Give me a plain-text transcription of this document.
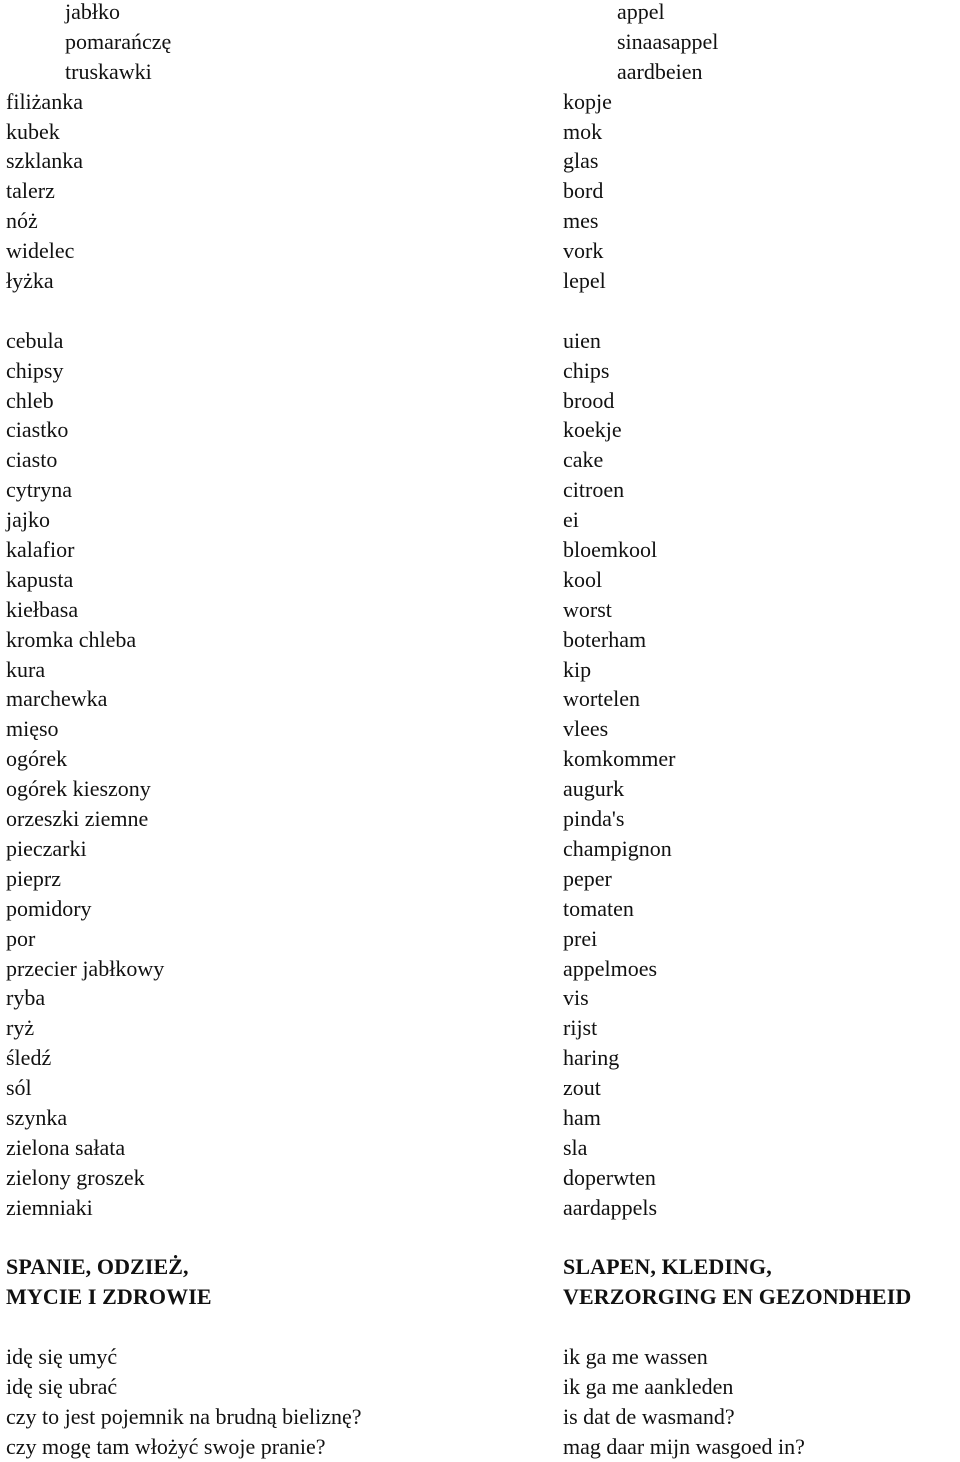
jabłko
pomarańczę
truskawki
filiżanka
kubek
szklanka
talerz
nóż
widelec
łyżka
cebula
chipsy
chleb
ciastko
ciasto
cytryna
jajko
kalafior
kapusta
kiełbasa
kromka chleba
kura
marchewka
mięso
ogórek
ogórek kieszony
orzeszki ziemne
pieczarki
pieprz
pomidory
por
przecier jabłkowy
ryba
ryż
śledź
sól
szynka
zielona sałata
zielony groszek
ziemniaki
SPANIE, ODZIEŻ,
MYCIE I ZDROWIE
idę się umyć
idę się ubrać
czy to jest pojemnik na brudną bieliznę?
czy mogę tam włożyć swoje pranie?
appel
sinaasappel
aardbeien
kopje
mok
glas
bord
mes
vork
lepel
uien
chips
brood
koekje
cake
citroen
ei
bloemkool
kool
worst
boterham
kip
wortelen
vlees
komkommer
augurk
pinda's
champignon
peper
tomaten
prei
appelmoes
vis
rijst
haring
zout
ham
sla
doperwten
aardappels
SLAPEN, KLEDING,
VERZORGING EN GEZONDHEID
ik ga me wassen
ik ga me aankleden
is dat de wasmand?
mag daar mijn wasgoed in?
